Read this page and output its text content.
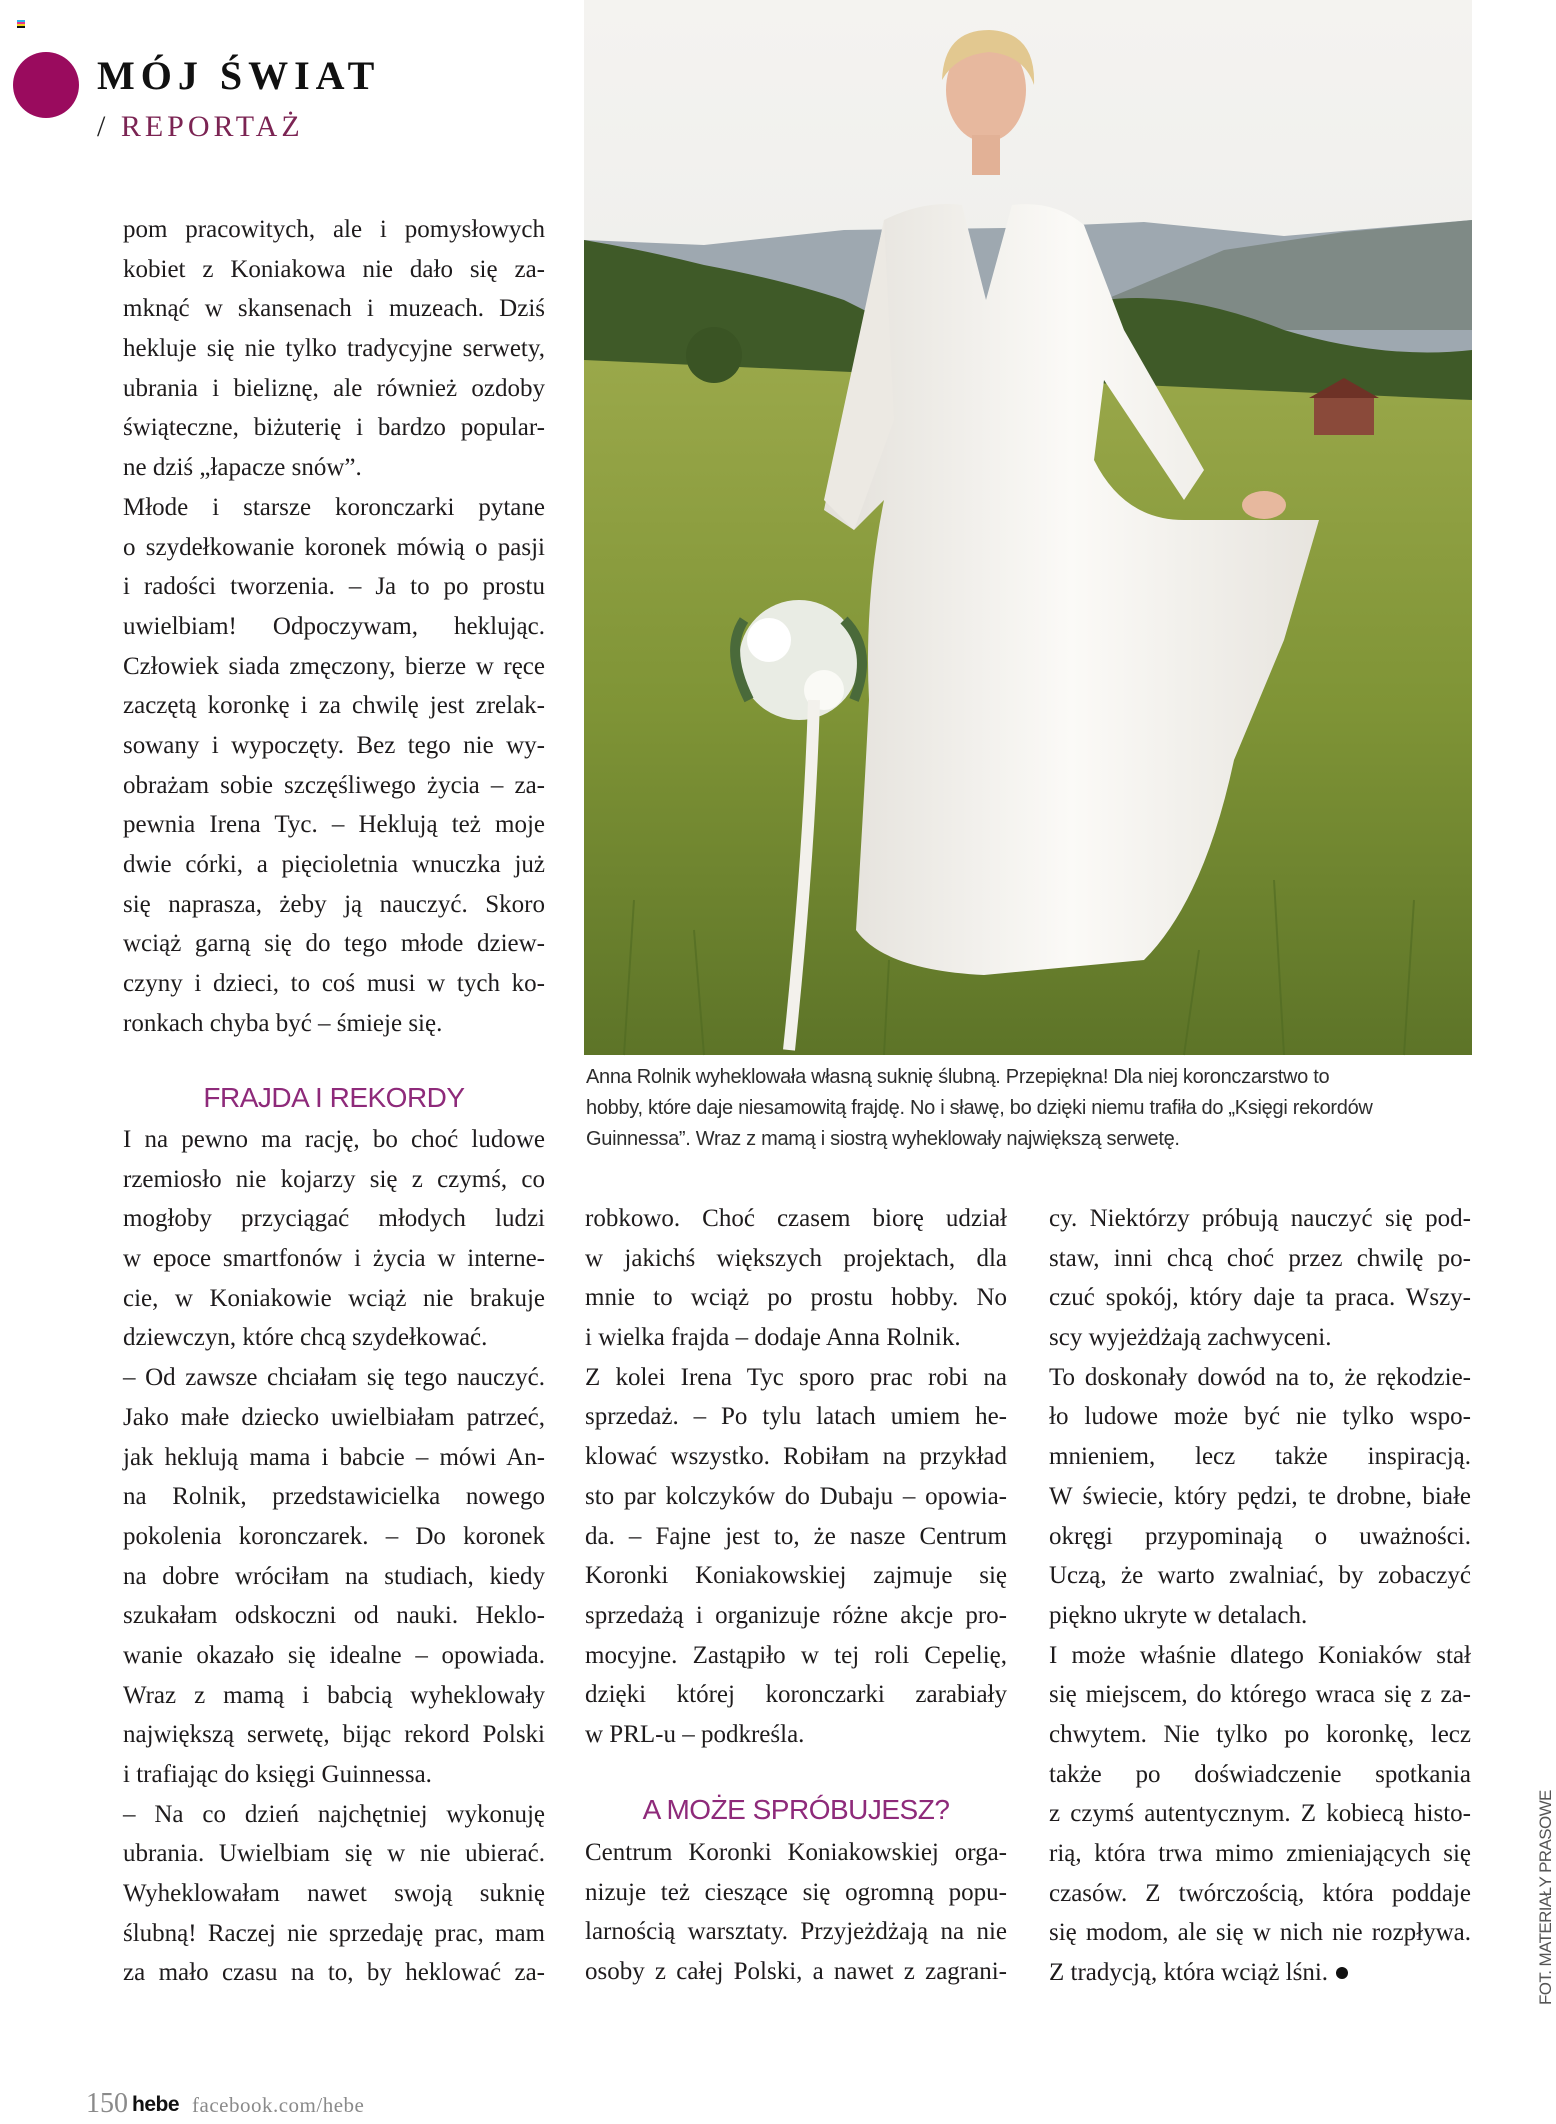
MÓJ ŚWIAT
/ REPORTAŻ
Anna Rolnik wyheklowała własną suknię ślubną. Przepiękna! Dla niej koronczarstwo to
hobby, które daje niesamowitą frajdę. No i sławę, bo dzięki niemu trafiła do „Księgi rekordów
Guinnessa”. Wraz z mamą i siostrą wyheklowały największą serwetę.
pom pracowitych, ale i pomysłowych
kobiet z Koniakowa nie dało się za-
mknąć w skansenach i muzeach. Dziś
hekluje się nie tylko tradycyjne serwety,
ubrania i bieliznę, ale również ozdoby
świąteczne, biżuterię i bardzo popular-
ne dziś „łapacze snów”.
Młode i starsze koronczarki pytane
o szydełkowanie koronek mówią o pasji
i radości tworzenia. – Ja to po prostu
uwielbiam! Odpoczywam, heklując.
Człowiek siada zmęczony, bierze w ręce
zaczętą koronkę i za chwilę jest zrelak-
sowany i wypoczęty. Bez tego nie wy-
obrażam sobie szczęśliwego życia – za-
pewnia Irena Tyc. – Heklują też moje
dwie córki, a pięcioletnia wnuczka już
się naprasza, żeby ją nauczyć. Skoro
wciąż garną się do tego młode dziew-
czyny i dzieci, to coś musi w tych ko-
ronkach chyba być – śmieje się.
FRAJDA I REKORDY
I na pewno ma rację, bo choć ludowe
rzemiosło nie kojarzy się z czymś, co
mogłoby przyciągać młodych ludzi
w epoce smartfonów i życia w interne-
cie, w Koniakowie wciąż nie brakuje
dziewczyn, które chcą szydełkować.
– Od zawsze chciałam się tego nauczyć.
Jako małe dziecko uwielbiałam patrzeć,
jak heklują mama i babcie – mówi An-
na Rolnik, przedstawicielka nowego
pokolenia koronczarek. – Do koronek
na dobre wróciłam na studiach, kiedy
szukałam odskoczni od nauki. Heklo-
wanie okazało się idealne – opowiada.
Wraz z mamą i babcią wyheklowały
największą serwetę, bijąc rekord Polski
i trafiając do księgi Guinnessa.
– Na co dzień najchętniej wykonuję
ubrania. Uwielbiam się w nie ubierać.
Wyheklowałam nawet swoją suknię
ślubną! Raczej nie sprzedaję prac, mam
za mało czasu na to, by heklować za-
robkowo. Choć czasem biorę udział
w jakichś większych projektach, dla
mnie to wciąż po prostu hobby. No
i wielka frajda – dodaje Anna Rolnik.
Z kolei Irena Tyc sporo prac robi na
sprzedaż. – Po tylu latach umiem he-
klować wszystko. Robiłam na przykład
sto par kolczyków do Dubaju – opowia-
da. – Fajne jest to, że nasze Centrum
Koronki Koniakowskiej zajmuje się
sprzedażą i organizuje różne akcje pro-
mocyjne. Zastąpiło w tej roli Cepelię,
dzięki której koronczarki zarabiały
w PRL-u – podkreśla.
A MOŻE SPRÓBUJESZ?
Centrum Koronki Koniakowskiej orga-
nizuje też cieszące się ogromną popu-
larnością warsztaty. Przyjeżdżają na nie
osoby z całej Polski, a nawet z zagrani-
cy. Niektórzy próbują nauczyć się pod-
staw, inni chcą choć przez chwilę po-
czuć spokój, który daje ta praca. Wszy-
scy wyjeżdżają zachwyceni.
To doskonały dowód na to, że rękodzie-
ło ludowe może być nie tylko wspo-
mnieniem, lecz także inspiracją.
W świecie, który pędzi, te drobne, białe
okręgi przypominają o uważności.
Uczą, że warto zwalniać, by zobaczyć
piękno ukryte w detalach.
I może właśnie dlatego Koniaków stał
się miejscem, do którego wraca się z za-
chwytem. Nie tylko po koronkę, lecz
także po doświadczenie spotkania
z czymś autentycznym. Z kobiecą histo-
rią, która trwa mimo zmieniających się
czasów. Z twórczością, która poddaje
się modom, ale się w nich nie rozpływa.
Z tradycją, która wciąż lśni.	FOT. MATERIAŁY PRASOWE
150 hebe facebook.com/hebe
